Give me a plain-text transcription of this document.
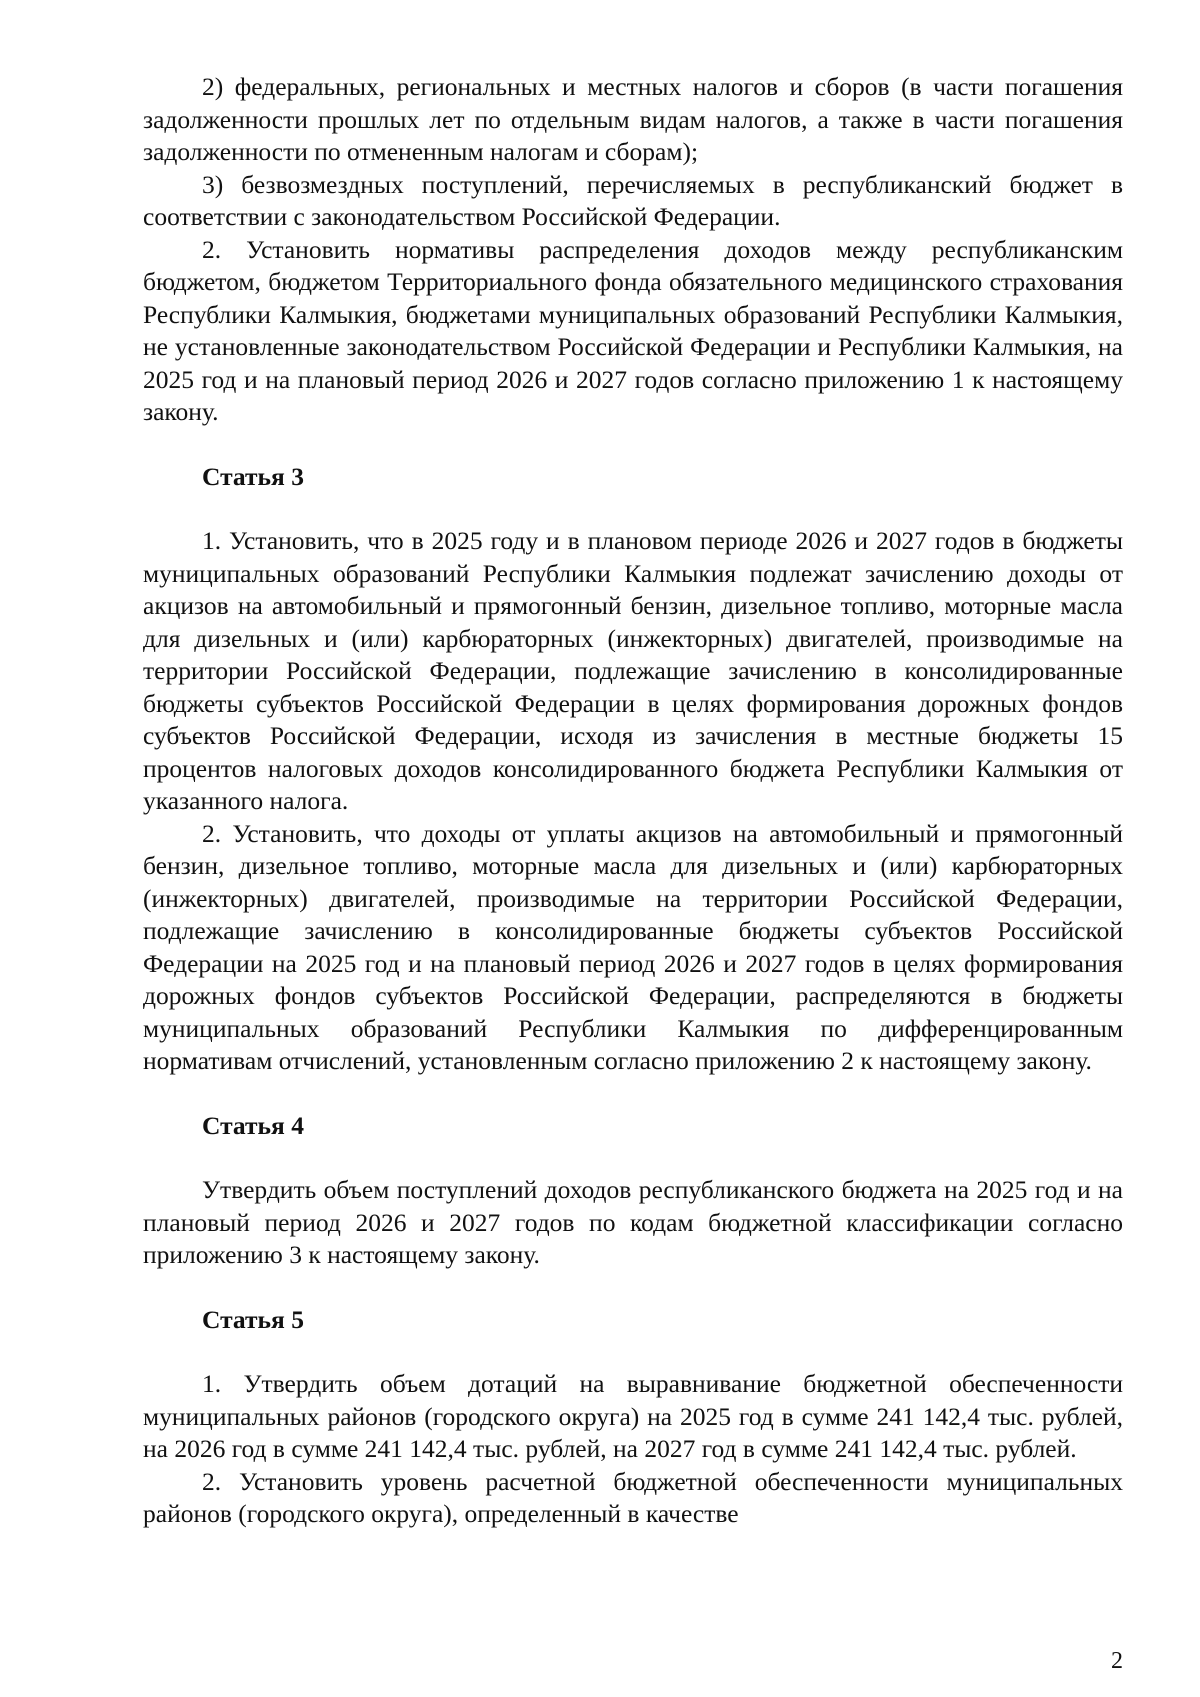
2) федеральных, региональных и местных налогов и сборов (в части погашения задолженности прошлых лет по отдельным видам налогов, а также в части погашения задолженности по отмененным налогам и сборам);

3) безвозмездных поступлений, перечисляемых в республиканский бюджет в соответствии с законодательством Российской Федерации.

2. Установить нормативы распределения доходов между республиканским бюджетом, бюджетом Территориального фонда обязательного медицинского страхования Республики Калмыкия, бюджетами муниципальных образований Республики Калмыкия, не установленные законодательством Российской Федерации и Республики Калмыкия, на 2025 год и на плановый период 2026 и 2027 годов согласно приложению 1 к настоящему закону.

Статья 3

1. Установить, что в 2025 году и в плановом периоде 2026 и 2027 годов в бюджеты муниципальных образований Республики Калмыкия подлежат зачислению доходы от акцизов на автомобильный и прямогонный бензин, дизельное топливо, моторные масла для дизельных и (или) карбюраторных (инжекторных) двигателей, производимые на территории Российской Федерации, подлежащие зачислению в консолидированные бюджеты субъектов Российской Федерации в целях формирования дорожных фондов субъектов Российской Федерации, исходя из зачисления в местные бюджеты 15 процентов налоговых доходов консолидированного бюджета Республики Калмыкия от указанного налога.

2. Установить, что доходы от уплаты акцизов на автомобильный и прямогонный бензин, дизельное топливо, моторные масла для дизельных и (или) карбюраторных (инжекторных) двигателей, производимые на территории Российской Федерации, подлежащие зачислению в консолидированные бюджеты субъектов Российской Федерации на 2025 год и на плановый период 2026 и 2027 годов в целях формирования дорожных фондов субъектов Российской Федерации, распределяются в бюджеты муниципальных образований Республики Калмыкия по дифференцированным нормативам отчислений, установленным согласно приложению 2 к настоящему закону.

Статья 4

Утвердить объем поступлений доходов республиканского бюджета на 2025 год и на плановый период 2026 и 2027 годов по кодам бюджетной классификации согласно приложению 3 к настоящему закону.

Статья 5

1. Утвердить объем дотаций на выравнивание бюджетной обеспеченности муниципальных районов (городского округа) на 2025 год в сумме 241 142,4 тыс. рублей, на 2026 год в сумме 241 142,4 тыс. рублей, на 2027 год в сумме 241 142,4 тыс. рублей.

2. Установить уровень расчетной бюджетной обеспеченности муниципальных районов (городского округа), определенный в качестве

2
